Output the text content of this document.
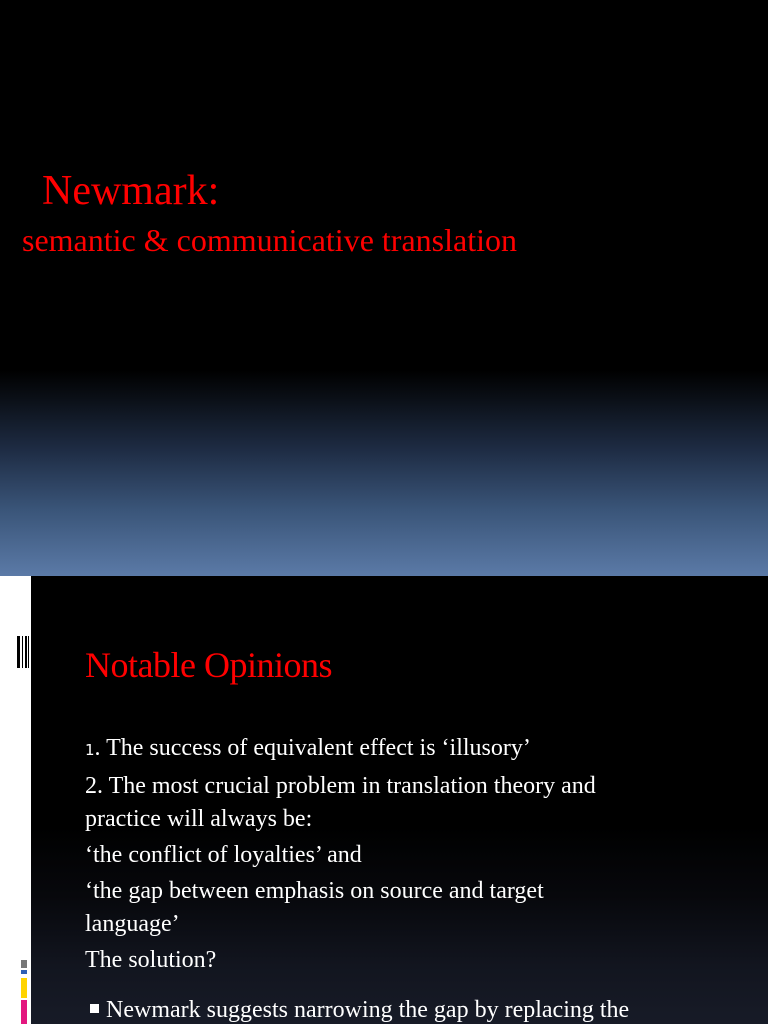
Newmark:
semantic & communicative translation
Notable Opinions

1. The success of equivalent effect is ‘illusory’

2. The most crucial problem in translation theory and
practice will always be:

‘the conflict of loyalties’ and

‘the gap between emphasis on source and target
language’

The solution?

Newmark suggests narrowing the gap by replacing the
